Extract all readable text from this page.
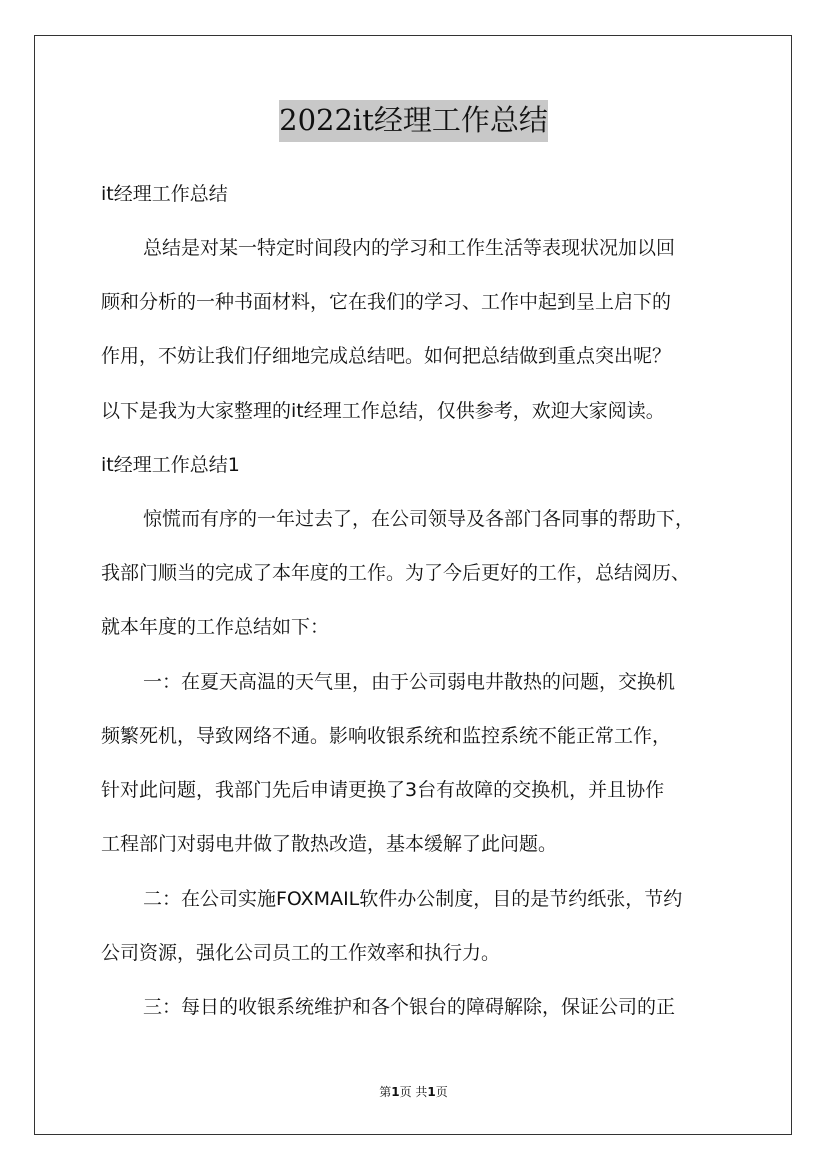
2022it经理工作总结
it经理工作总结
总结是对某一特定时间段内的学习和工作生活等表现状况加以回
顾和分析的一种书面材料，它在我们的学习、工作中起到呈上启下的
作用，不妨让我们仔细地完成总结吧。如何把总结做到重点突出呢？
以下是我为大家整理的it经理工作总结，仅供参考，欢迎大家阅读。
it经理工作总结1
惊慌而有序的一年过去了，在公司领导及各部门各同事的帮助下，
我部门顺当的完成了本年度的工作。为了今后更好的工作，总结阅历、
就本年度的工作总结如下：
一：在夏天高温的天气里，由于公司弱电井散热的问题，交换机
频繁死机，导致网络不通。影响收银系统和监控系统不能正常工作，
针对此问题，我部门先后申请更换了3台有故障的交换机，并且协作
工程部门对弱电井做了散热改造，基本缓解了此问题。
二：在公司实施FOXMAIL软件办公制度，目的是节约纸张，节约
公司资源，强化公司员工的工作效率和执行力。
三：每日的收银系统维护和各个银台的障碍解除，保证公司的正
第1页 共1页
